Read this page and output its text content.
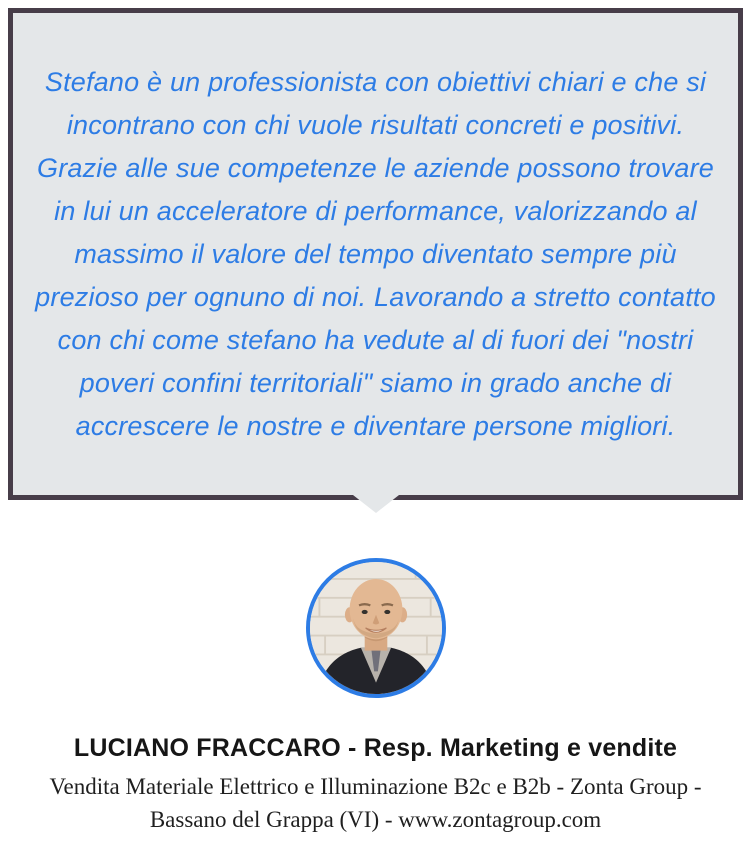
Stefano è un professionista con obiettivi chiari e che si incontrano con chi vuole risultati concreti e positivi. Grazie alle sue competenze le aziende possono trovare in lui un acceleratore di performance, valorizzando al massimo il valore del tempo diventato sempre più prezioso per ognuno di noi. Lavorando a stretto contatto con chi come stefano ha vedute al di fuori dei "nostri poveri confini territoriali" siamo in grado anche di accrescere le nostre e diventare persone migliori.

LUCIANO FRACCARO - Resp. Marketing e vendite
Vendita Materiale Elettrico e Illuminazione B2c e B2b - Zonta Group - Bassano del Grappa (VI) - www.zontagroup.com
